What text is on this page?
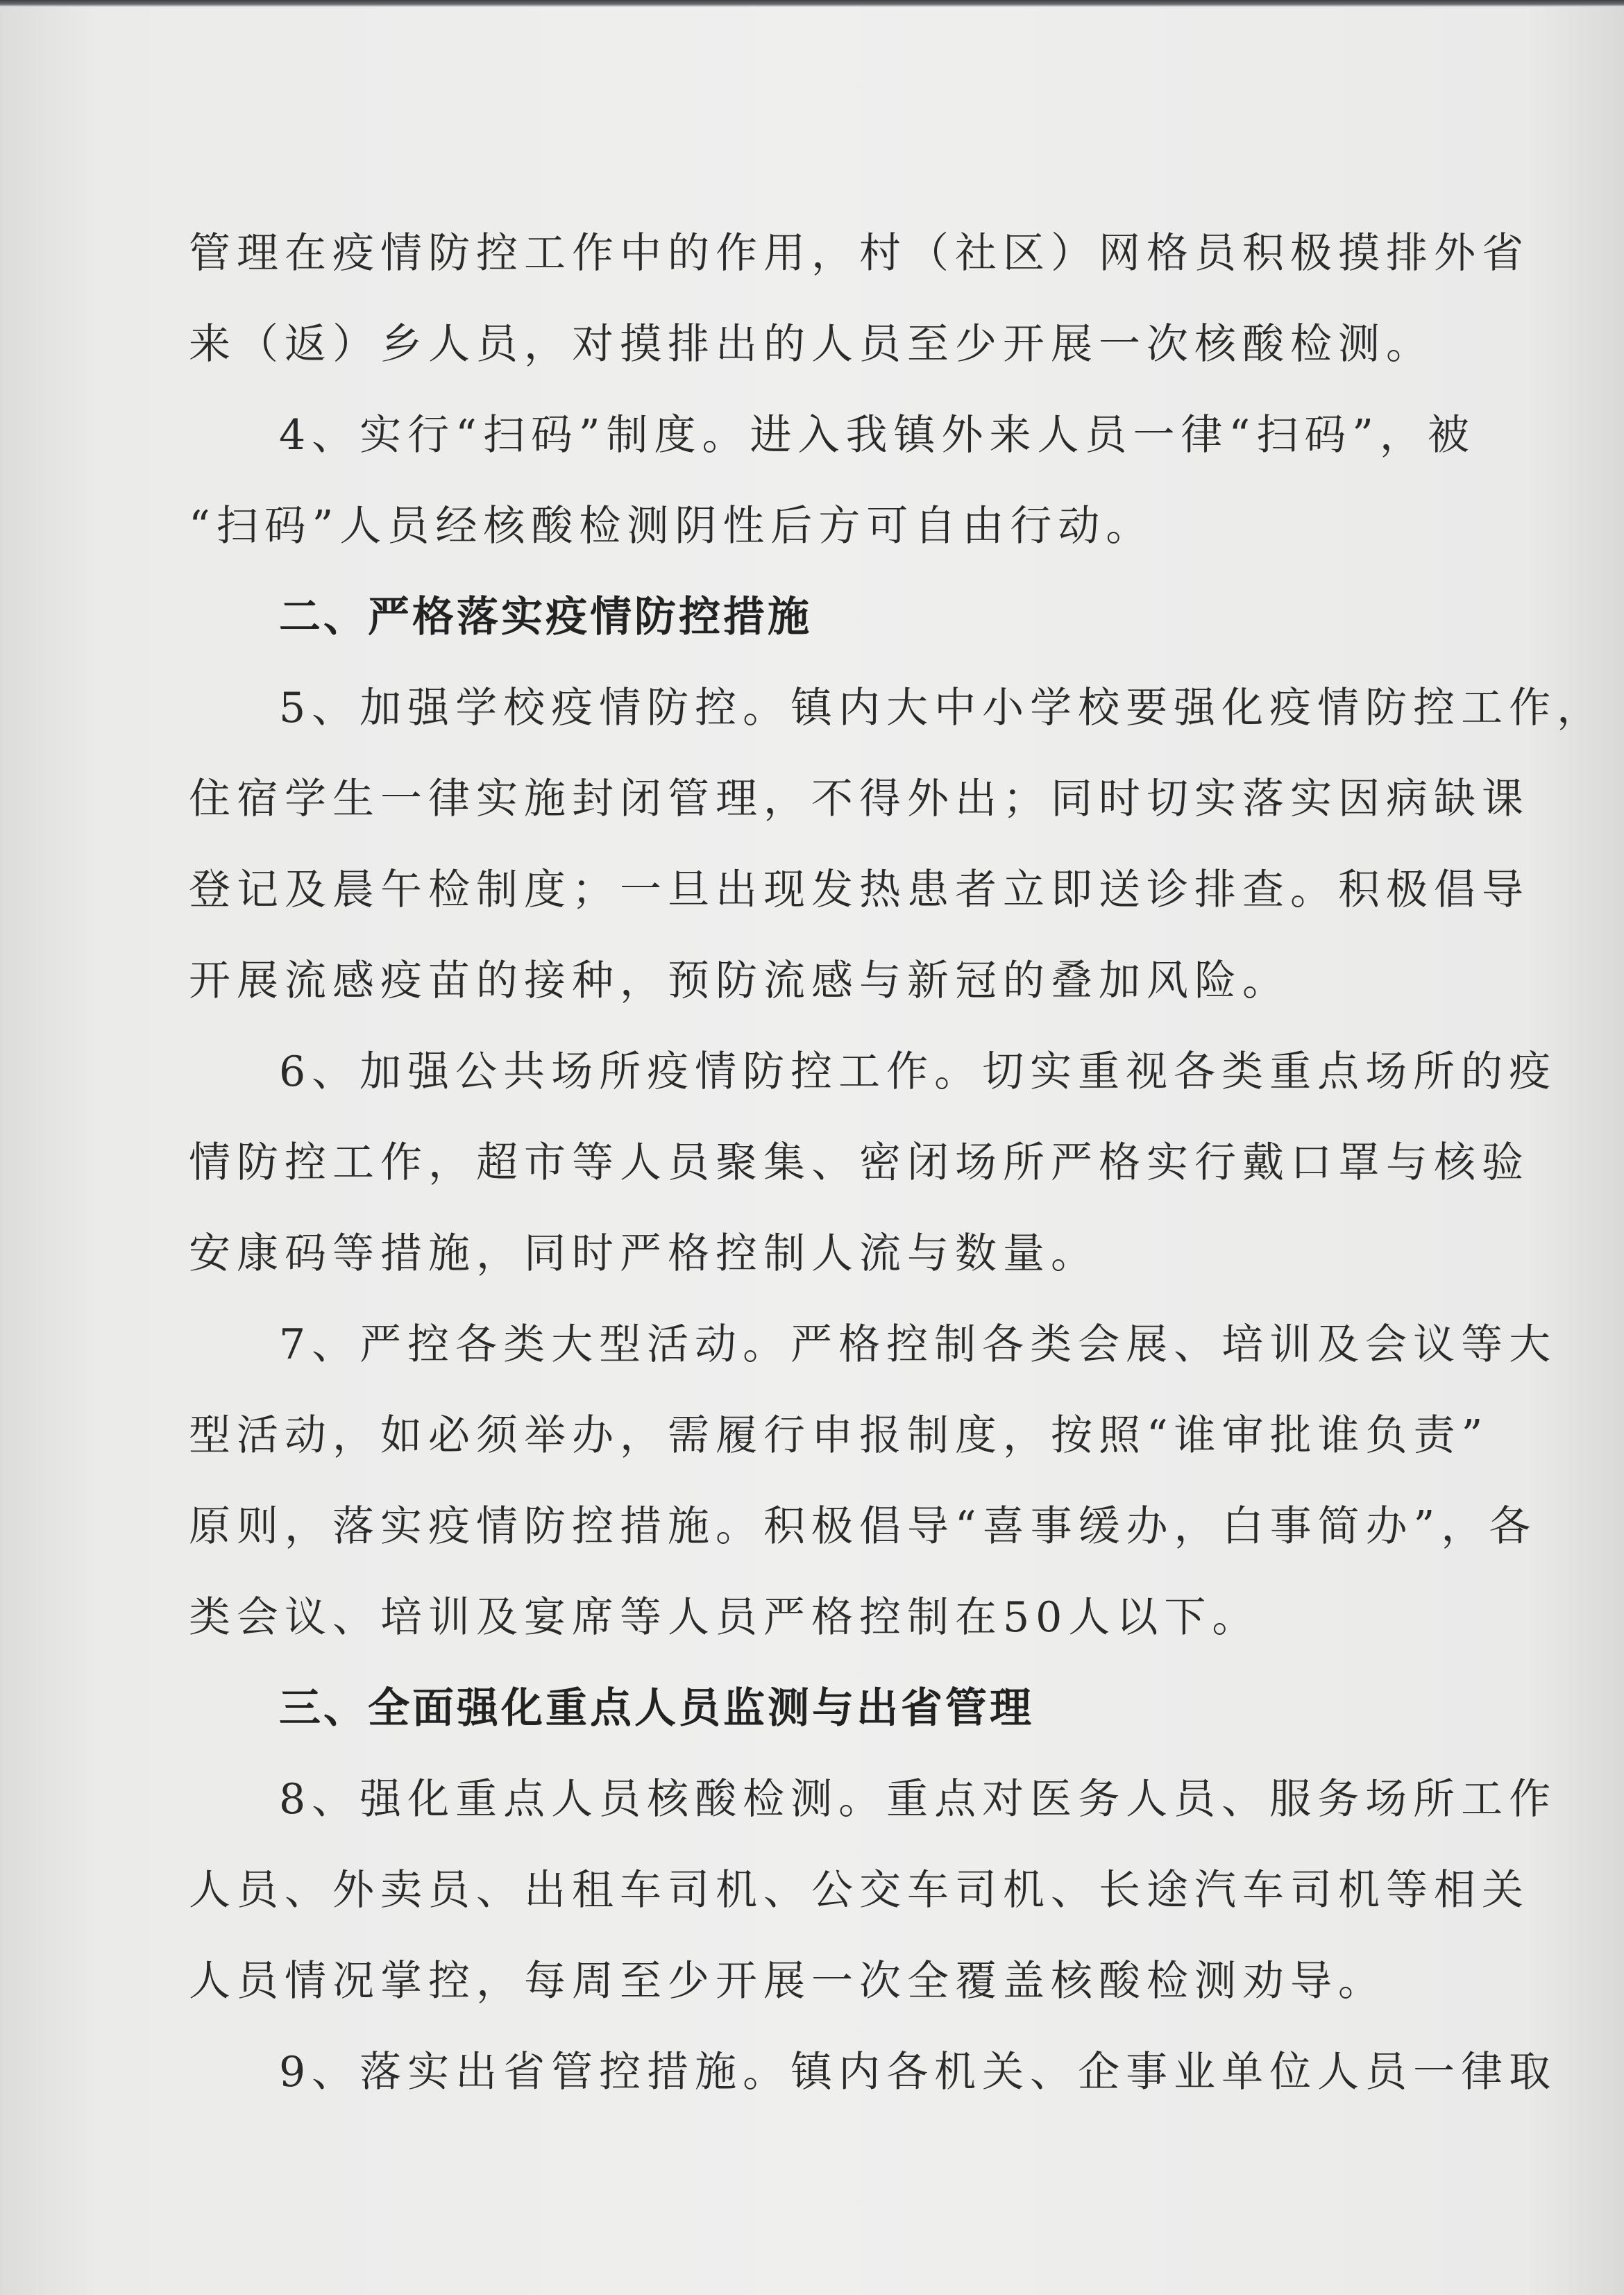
管理在疫情防控工作中的作用，村（社区）网格员积极摸排外省

来（返）乡人员，对摸排出的人员至少开展一次核酸检测。

4、实行“扫码”制度。进入我镇外来人员一律“扫码”，被

“扫码”人员经核酸检测阴性后方可自由行动。

二、严格落实疫情防控措施

5、加强学校疫情防控。镇内大中小学校要强化疫情防控工作，

住宿学生一律实施封闭管理，不得外出；同时切实落实因病缺课

登记及晨午检制度；一旦出现发热患者立即送诊排查。积极倡导

开展流感疫苗的接种，预防流感与新冠的叠加风险。

6、加强公共场所疫情防控工作。切实重视各类重点场所的疫

情防控工作，超市等人员聚集、密闭场所严格实行戴口罩与核验

安康码等措施，同时严格控制人流与数量。

7、严控各类大型活动。严格控制各类会展、培训及会议等大

型活动，如必须举办，需履行申报制度，按照“谁审批谁负责”

原则，落实疫情防控措施。积极倡导“喜事缓办，白事简办”，各

类会议、培训及宴席等人员严格控制在50人以下。

三、全面强化重点人员监测与出省管理

8、强化重点人员核酸检测。重点对医务人员、服务场所工作

人员、外卖员、出租车司机、公交车司机、长途汽车司机等相关

人员情况掌控，每周至少开展一次全覆盖核酸检测劝导。

9、落实出省管控措施。镇内各机关、企事业单位人员一律取
